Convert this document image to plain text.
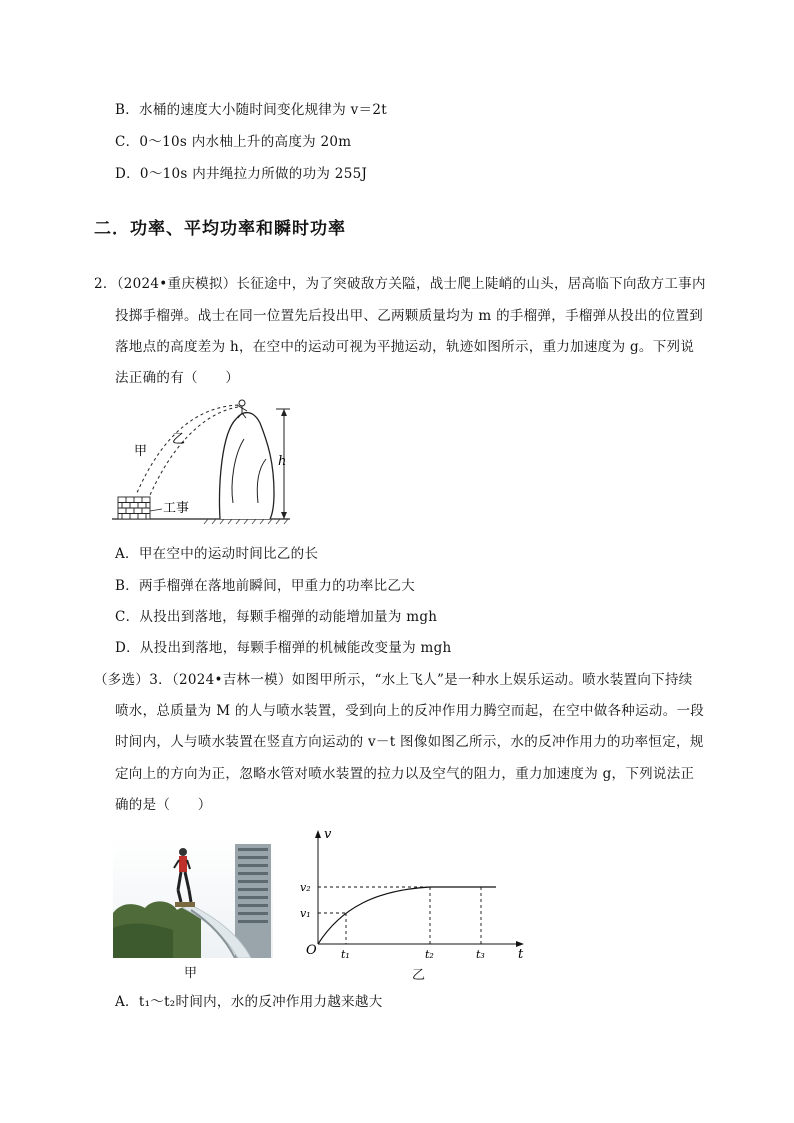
B．水桶的速度大小随时间变化规律为 v＝2t
C．0～10s 内水柚上升的高度为 20m
D．0～10s 内井绳拉力所做的功为 255J
二．功率、平均功率和瞬时功率
2．（2024•重庆模拟）长征途中，为了突破敌方关隘，战士爬上陡峭的山头，居高临下向敌方工事内
投掷手榴弹。战士在同一位置先后投出甲、乙两颗质量均为 m 的手榴弹，手榴弹从投出的位置到
落地点的高度差为 h，在空中的运动可视为平抛运动，轨迹如图所示，重力加速度为 g。下列说
法正确的有（　　）
h
甲
乙
工事
A．甲在空中的运动时间比乙的长
B．两手榴弹在落地前瞬间，甲重力的功率比乙大
C．从投出到落地，每颗手榴弹的动能增加量为 mgh
D．从投出到落地，每颗手榴弹的机械能改变量为 mgh
（多选）3．（2024•吉林一模）如图甲所示，“水上飞人”是一种水上娱乐运动。喷水装置向下持续
喷水，总质量为 M 的人与喷水装置，受到向上的反冲作用力腾空而起，在空中做各种运动。一段
时间内，人与喷水装置在竖直方向运动的 v－t 图像如图乙所示，水的反冲作用力的功率恒定，规
定向上的方向为正，忽略水管对喷水装置的拉力以及空气的阻力，重力加速度为 g，下列说法正
确的是（　　）
甲
v
t
O
v₂
v₁
t₁	t₂	t₃
乙
A．t₁～t₂时间内，水的反冲作用力越来越大
